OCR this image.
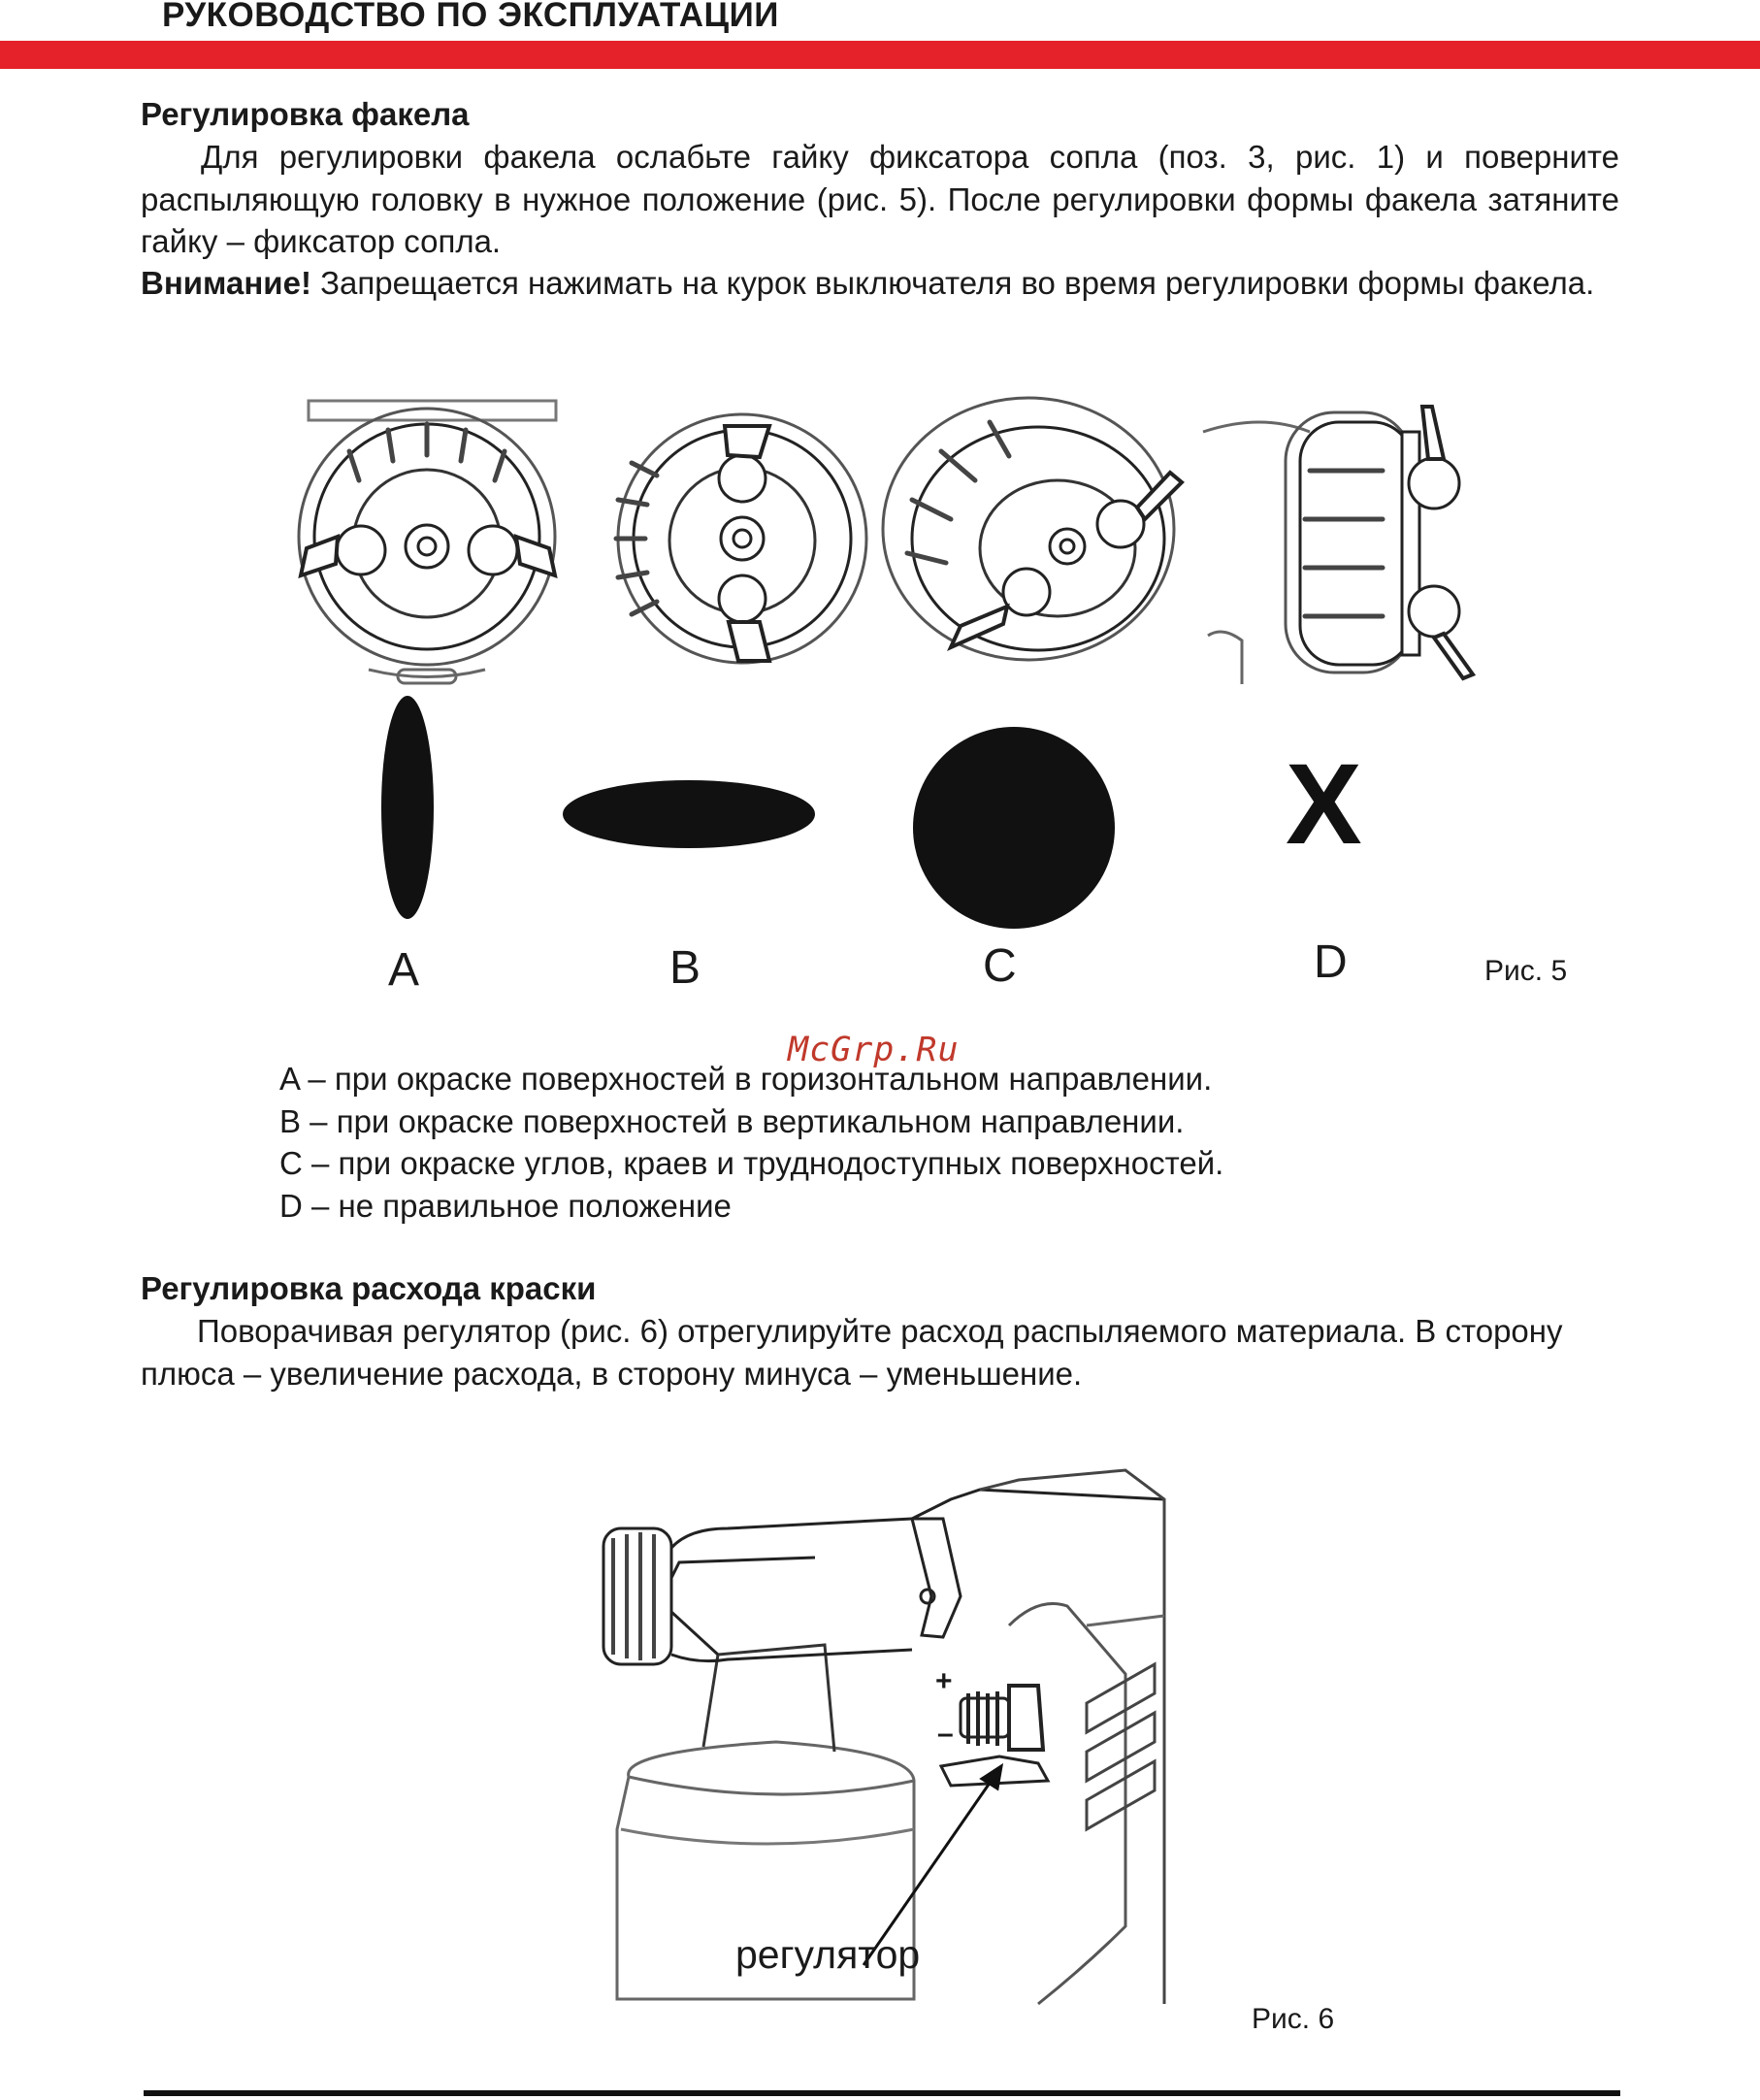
РУКОВОДСТВО ПО ЭКСПЛУАТАЦИИ
Регулировка факела
Для регулировки факела ослабьте гайку фиксатора сопла (поз. 3, рис. 1) и поверните распыляющую головку в нужное положение (рис. 5). После регулировки формы факела затяните гайку – фиксатор сопла.
Внимание! Запрещается нажимать на курок выключателя во время регулировки формы факела.
X
A	B	C	D	Рис. 5
McGrp.Ru
A – при окраске поверхностей в горизонтальном направлении.
B – при окраске поверхностей в вертикальном направлении.
C – при окраске углов, краев и труднодоступных поверхностей.
D – не правильное положение
Регулировка расхода краски
Поворачивая регулятор (рис. 6) отрегулируйте расход распыляемого материала. В сторону плюса – увеличение расхода, в сторону минуса – уменьшение.
+
–
регулятор
Рис. 6
